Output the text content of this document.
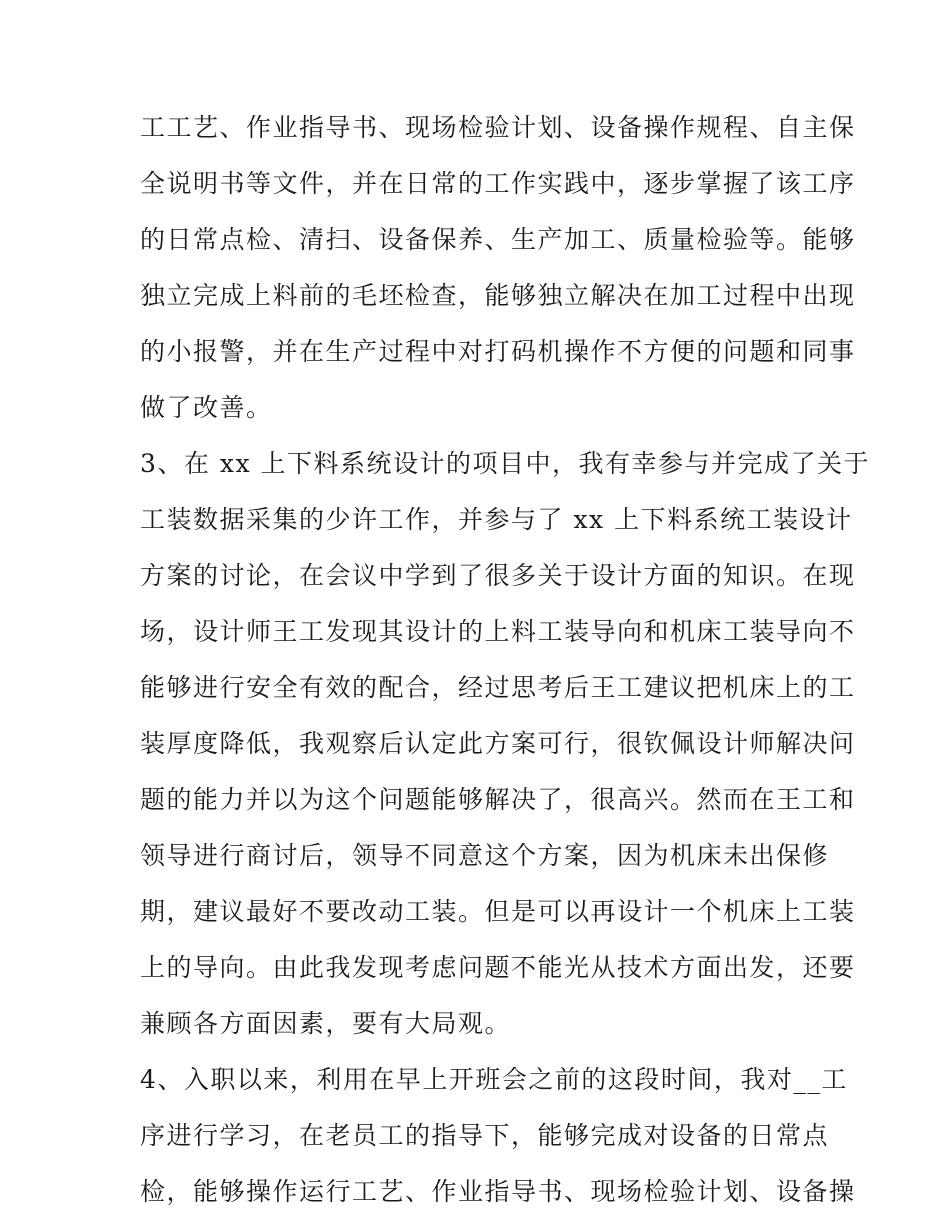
工工艺、作业指导书、现场检验计划、设备操作规程、自主保
全说明书等文件，并在日常的工作实践中，逐步掌握了该工序
的日常点检、清扫、设备保养、生产加工、质量检验等。能够
独立完成上料前的毛坯检查，能够独立解决在加工过程中出现
的小报警，并在生产过程中对打码机操作不方便的问题和同事
做了改善。
3、在 xx 上下料系统设计的项目中，我有幸参与并完成了关于
工装数据采集的少许工作，并参与了 xx 上下料系统工装设计
方案的讨论，在会议中学到了很多关于设计方面的知识。在现
场，设计师王工发现其设计的上料工装导向和机床工装导向不
能够进行安全有效的配合，经过思考后王工建议把机床上的工
装厚度降低，我观察后认定此方案可行，很钦佩设计师解决问
题的能力并以为这个问题能够解决了，很高兴。然而在王工和
领导进行商讨后，领导不同意这个方案，因为机床未出保修
期，建议最好不要改动工装。但是可以再设计一个机床上工装
上的导向。由此我发现考虑问题不能光从技术方面出发，还要
兼顾各方面因素，要有大局观。
4、入职以来，利用在早上开班会之前的这段时间，我对__工
序进行学习，在老员工的指导下，能够完成对设备的日常点
检，能够操作运行工艺、作业指导书、现场检验计划、设备操
